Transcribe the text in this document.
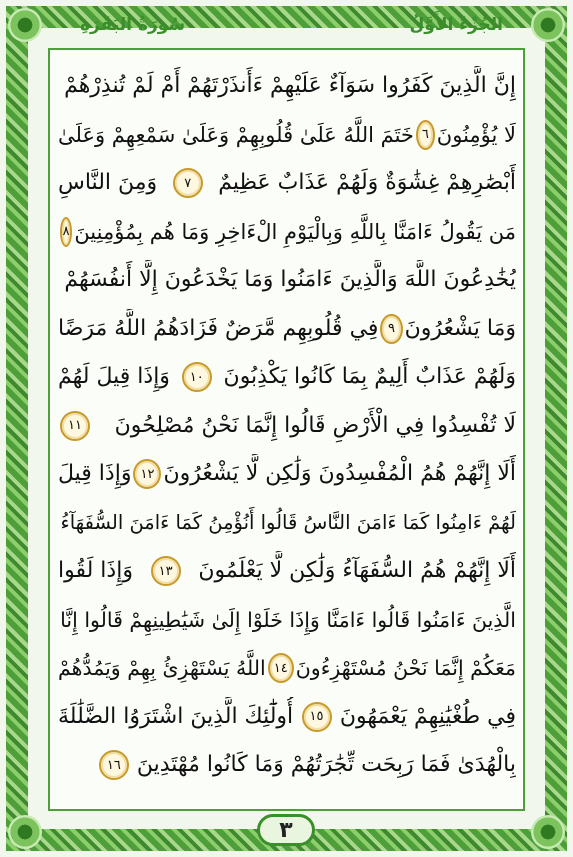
الجُزْءُ الأَوَّلُ
سُورَةُ البَقَرَةِ
إِنَّ الَّذِينَ كَفَرُوا سَوَآءٌ عَلَيْهِمْ ءَأَنذَرْتَهُمْ أَمْ لَمْ تُنذِرْهُمْ
لَا يُؤْمِنُونَ
٦
خَتَمَ اللَّهُ عَلَىٰ قُلُوبِهِمْ وَعَلَىٰ سَمْعِهِمْ وَعَلَىٰ
أَبْصَٰرِهِمْ غِشَٰوَةٌ وَلَهُمْ عَذَابٌ عَظِيمٌ
٧
وَمِنَ النَّاسِ
مَن يَقُولُ ءَامَنَّا بِاللَّهِ وَبِالْيَوْمِ الْءَاخِرِ وَمَا هُم بِمُؤْمِنِينَ
٨
يُخَٰدِعُونَ اللَّهَ وَالَّذِينَ ءَامَنُوا وَمَا يَخْدَعُونَ إِلَّا أَنفُسَهُمْ
وَمَا يَشْعُرُونَ
٩
فِي قُلُوبِهِم مَّرَضٌ فَزَادَهُمُ اللَّهُ مَرَضًا
وَلَهُمْ عَذَابٌ أَلِيمٌ بِمَا كَانُوا يَكْذِبُونَ
١٠
وَإِذَا قِيلَ لَهُمْ
لَا تُفْسِدُوا فِي الْأَرْضِ قَالُوا إِنَّمَا نَحْنُ مُصْلِحُونَ
١١
أَلَا إِنَّهُمْ هُمُ الْمُفْسِدُونَ وَلَٰكِن لَّا يَشْعُرُونَ
١٢
وَإِذَا قِيلَ
لَهُمْ ءَامِنُوا كَمَا ءَامَنَ النَّاسُ قَالُوا أَنُؤْمِنُ كَمَا ءَامَنَ السُّفَهَآءُ
أَلَا إِنَّهُمْ هُمُ السُّفَهَآءُ وَلَٰكِن لَّا يَعْلَمُونَ
١٣
وَإِذَا لَقُوا
الَّذِينَ ءَامَنُوا قَالُوا ءَامَنَّا وَإِذَا خَلَوْا إِلَىٰ شَيَٰطِينِهِمْ قَالُوا إِنَّا
مَعَكُمْ إِنَّمَا نَحْنُ مُسْتَهْزِءُونَ
١٤
اللَّهُ يَسْتَهْزِئُ بِهِمْ وَيَمُدُّهُمْ
فِي طُغْيَٰنِهِمْ يَعْمَهُونَ
١٥
أُولَٰٓئِكَ الَّذِينَ اشْتَرَوُا الضَّلَٰلَةَ
بِالْهُدَىٰ فَمَا رَبِحَت تِّجَٰرَتُهُمْ وَمَا كَانُوا مُهْتَدِينَ
١٦
٣
